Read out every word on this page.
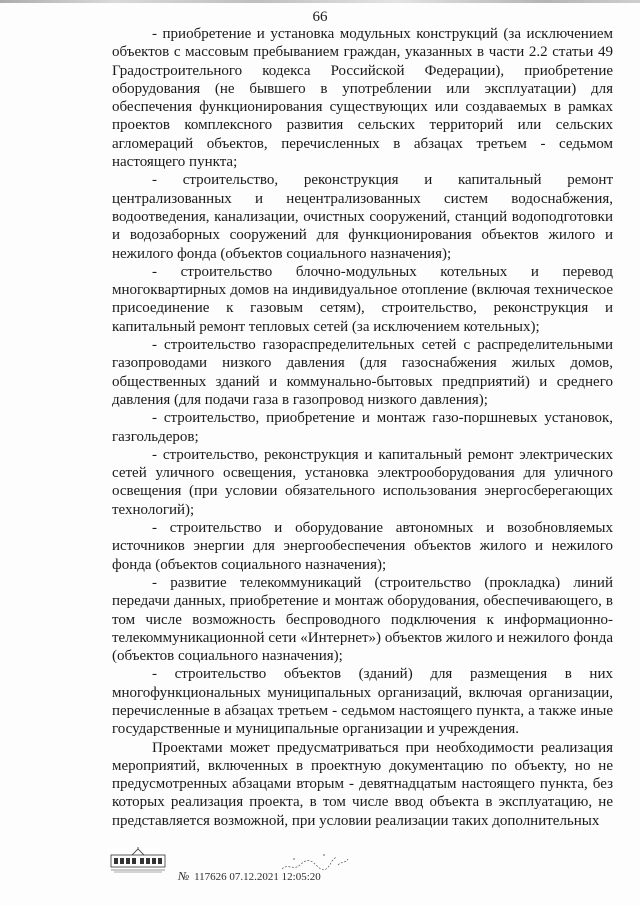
66

- приобретение и установка модульных конструкций (за исключением объектов с массовым пребыванием граждан, указанных в части 2.2 статьи 49 Градостроительного кодекса Российской Федерации), приобретение оборудования (не бывшего в употреблении или эксплуатации) для обеспечения функционирования существующих или создаваемых в рамках проектов комплексного развития сельских территорий или сельских агломераций объектов, перечисленных в абзацах третьем - седьмом настоящего пункта;

- строительство, реконструкция и капитальный ремонт централизованных и нецентрализованных систем водоснабжения, водоотведения, канализации, очистных сооружений, станций водоподготовки и водозаборных сооружений для функционирования объектов жилого и нежилого фонда (объектов социального назначения);

- строительство блочно-модульных котельных и перевод многоквартирных домов на индивидуальное отопление (включая техническое присоединение к газовым сетям), строительство, реконструкция и капитальный ремонт тепловых сетей (за исключением котельных);

- строительство газораспределительных сетей с распределительными газопроводами низкого давления (для газоснабжения жилых домов, общественных зданий и коммунально-бытовых предприятий) и среднего давления (для подачи газа в газопровод низкого давления);

- строительство, приобретение и монтаж газо-поршневых установок, газгольдеров;

- строительство, реконструкция и капитальный ремонт электрических сетей уличного освещения, установка электрооборудования для уличного освещения (при условии обязательного использования энергосберегающих технологий);

- строительство и оборудование автономных и возобновляемых источников энергии для энергообеспечения объектов жилого и нежилого фонда (объектов социального назначения);

- развитие телекоммуникаций (строительство (прокладка) линий передачи данных, приобретение и монтаж оборудования, обеспечивающего, в том числе возможность беспроводного подключения к информационно-телекоммуникационной сети «Интернет») объектов жилого и нежилого фонда (объектов социального назначения);

- строительство объектов (зданий) для размещения в них многофункциональных муниципальных организаций, включая организации, перечисленные в абзацах третьем - седьмом настоящего пункта, а также иные государственные и муниципальные организации и учреждения.

Проектами может предусматриваться при необходимости реализация мероприятий, включенных в проектную документацию по объекту, но не предусмотренных абзацами вторым - девятнадцатым настоящего пункта, без которых реализация проекта, в том числе ввод объекта в эксплуатацию, не представляется возможной, при условии реализации таких дополнительных

№ 117626 07.12.2021 12:05:20
